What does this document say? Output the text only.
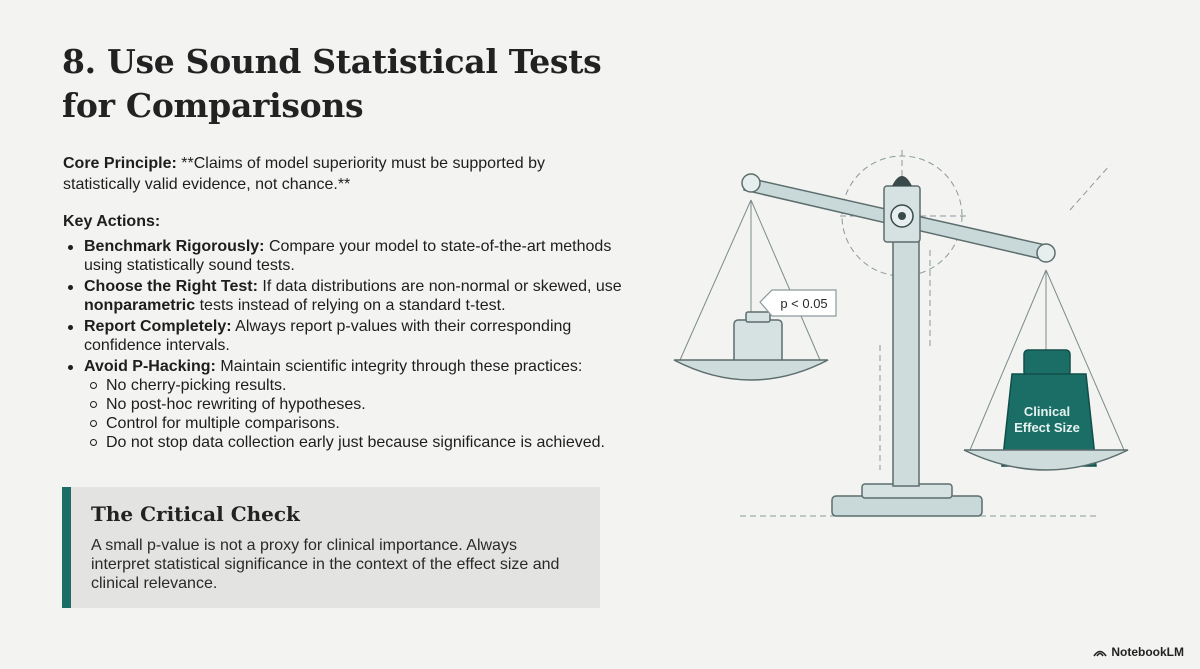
8. Use Sound Statistical Tests for Comparisons
Core Principle: **Claims of model superiority must be supported by statistically valid evidence, not chance.**
Key Actions:
Benchmark Rigorously: Compare your model to state-of-the-art methods using statistically sound tests.
Choose the Right Test: If data distributions are non-normal or skewed, use nonparametric tests instead of relying on a standard t-test.
Report Completely: Always report p-values with their corresponding confidence intervals.
Avoid P-Hacking: Maintain scientific integrity through these practices:
No cherry-picking results.
No post-hoc rewriting of hypotheses.
Control for multiple comparisons.
Do not stop data collection early just because significance is achieved.
The Critical Check
A small p-value is not a proxy for clinical importance. Always interpret statistical significance in the context of the effect size and clinical relevance.
p < 0.05
Clinical
Effect Size
NotebookLM
